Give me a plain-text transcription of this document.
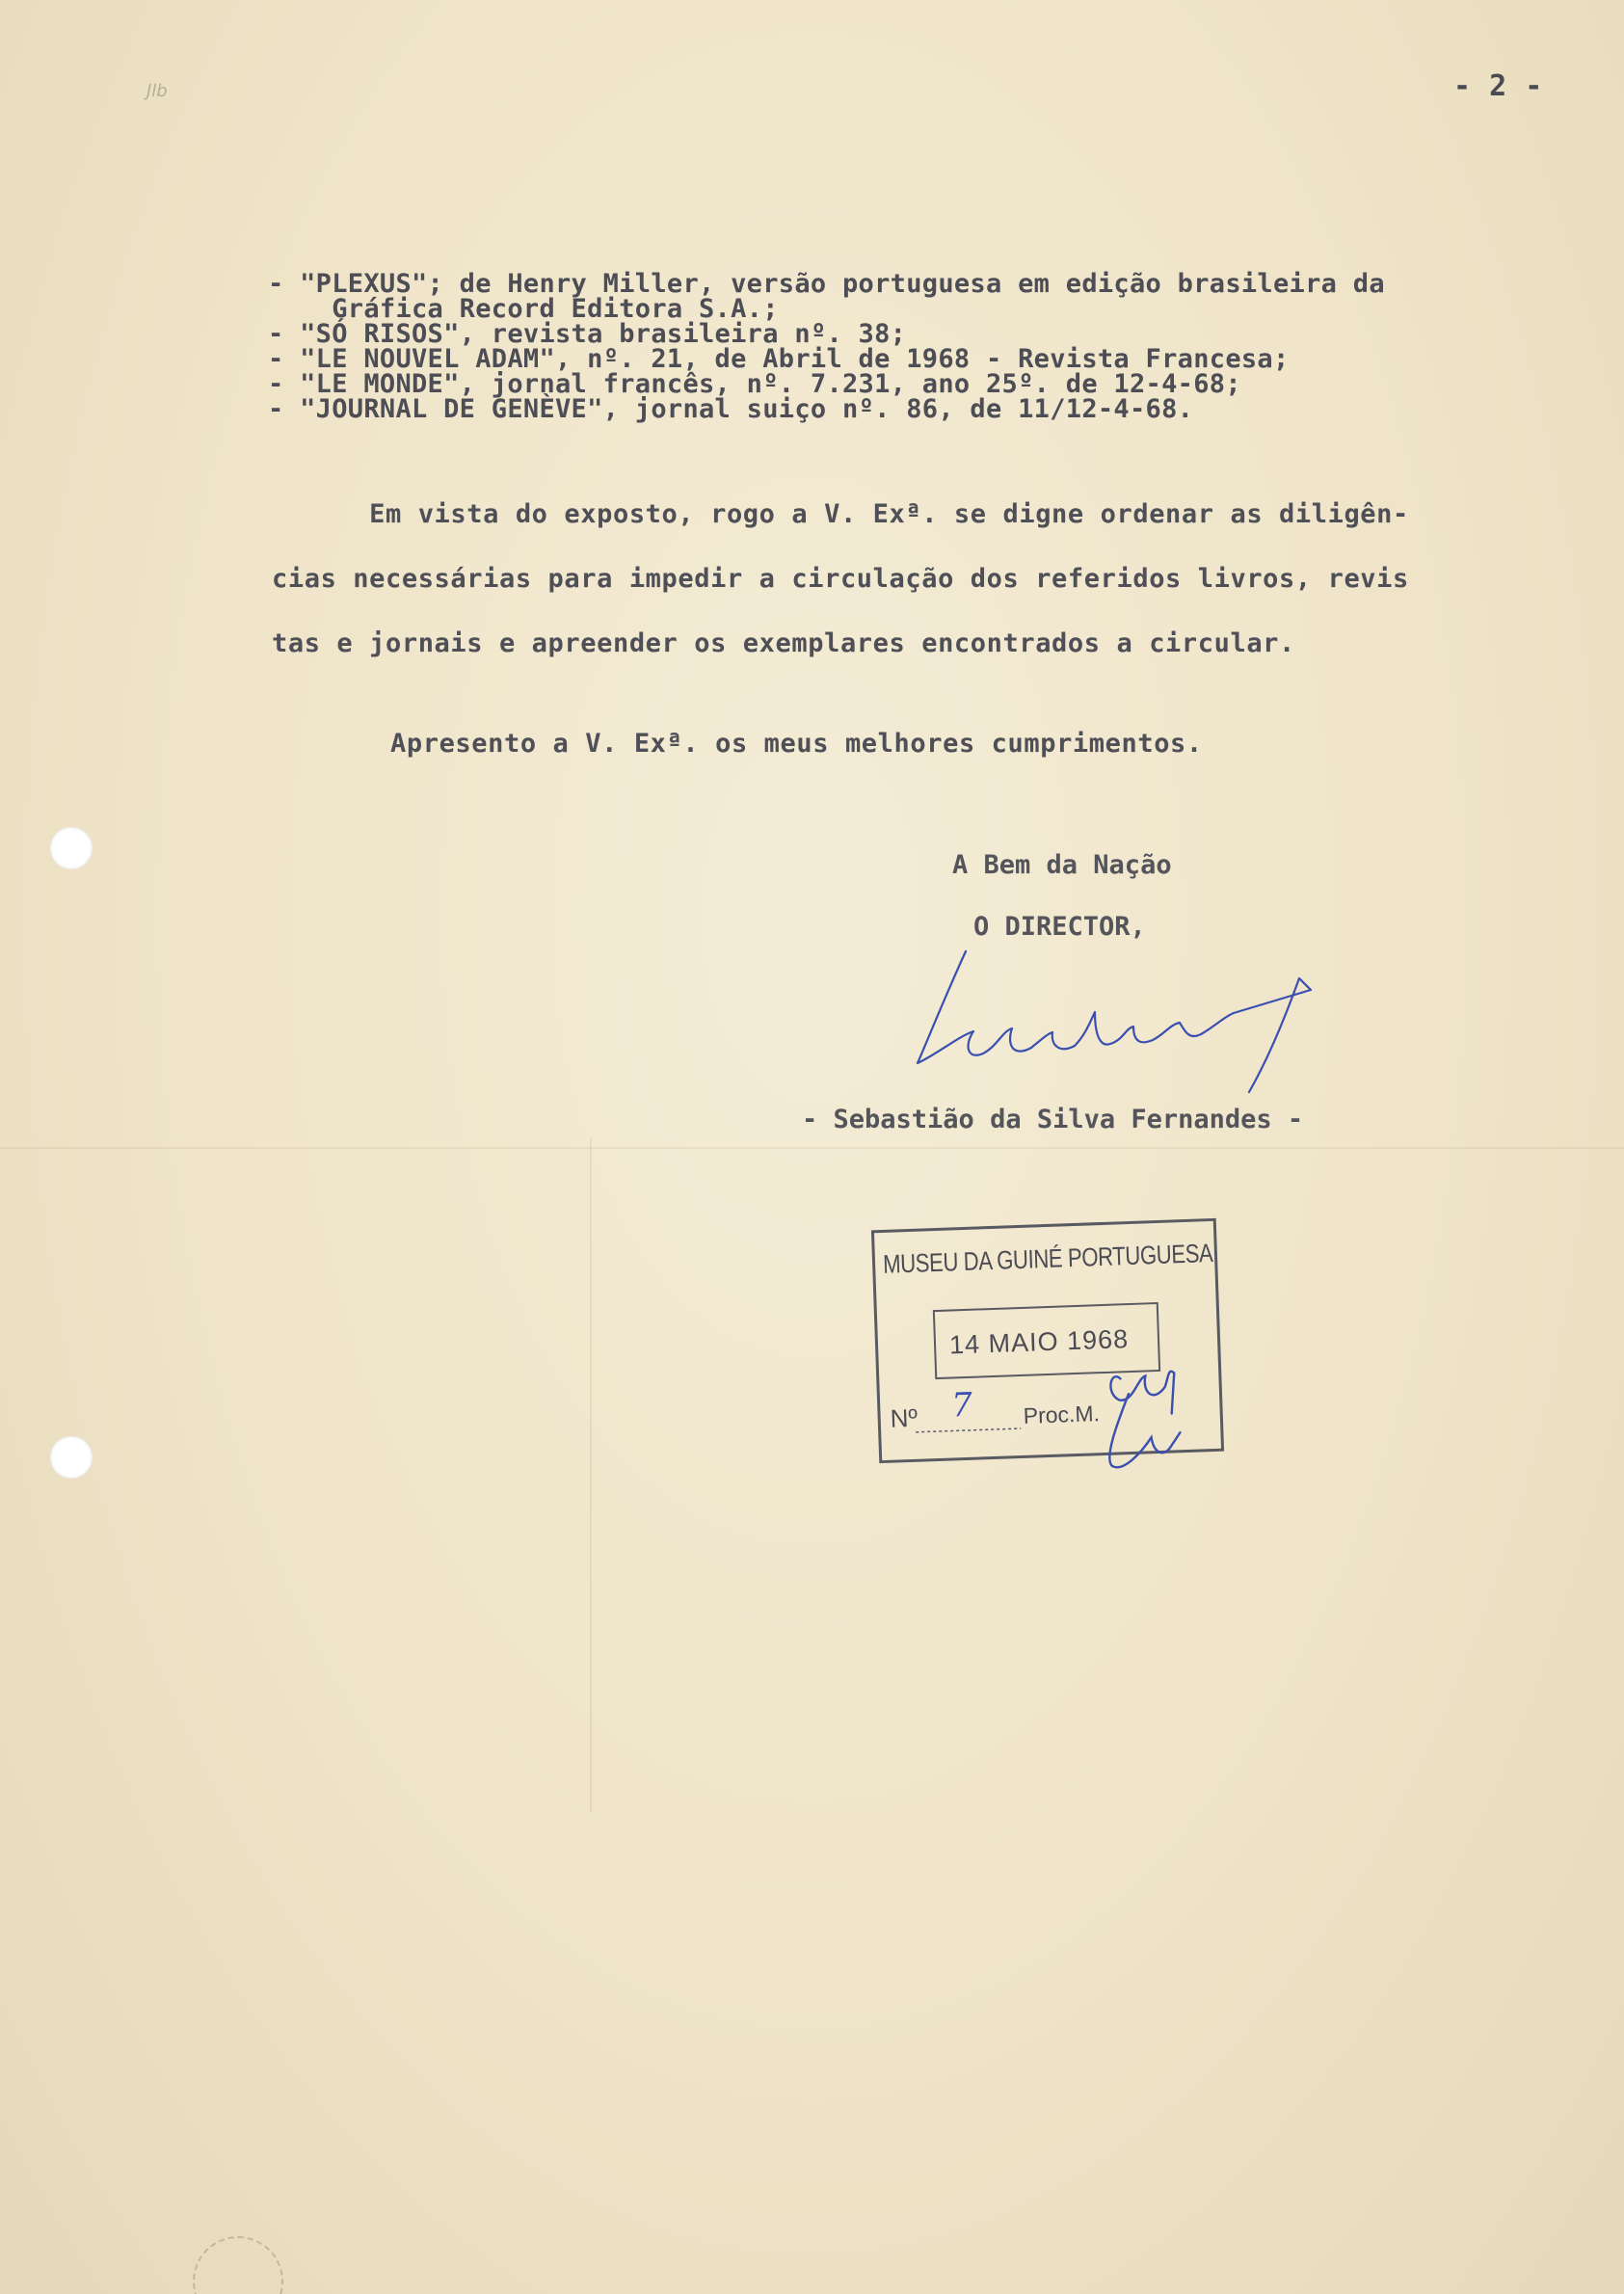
Jlb	- 2 -
- "PLEXUS"; de Henry Miller, versão portuguesa em edição brasileira da
Gráfica Record Editora S.A.;
- "SÓ RISOS", revista brasileira nº. 38;
- "LE NOUVEL ADAM", nº. 21, de Abril de 1968 - Revista Francesa;
- "LE MONDE", jornal francês, nº. 7.231, ano 25º. de 12-4-68;
- "JOURNAL DE GENÈVE", jornal suiço nº. 86, de 11/12-4-68.
Em vista do exposto, rogo a V. Exª. se digne ordenar as diligên-
cias necessárias para impedir a circulação dos referidos livros, revis
tas e jornais e apreender os exemplares encontrados a circular.
Apresento a V. Exª. os meus melhores cumprimentos.
A Bem da Nação
O DIRECTOR,
- Sebastião da Silva Fernandes -
MUSEU DA GUINÉ PORTUGUESA
14 MAIO 1968
Nº 7 Proc.M.
